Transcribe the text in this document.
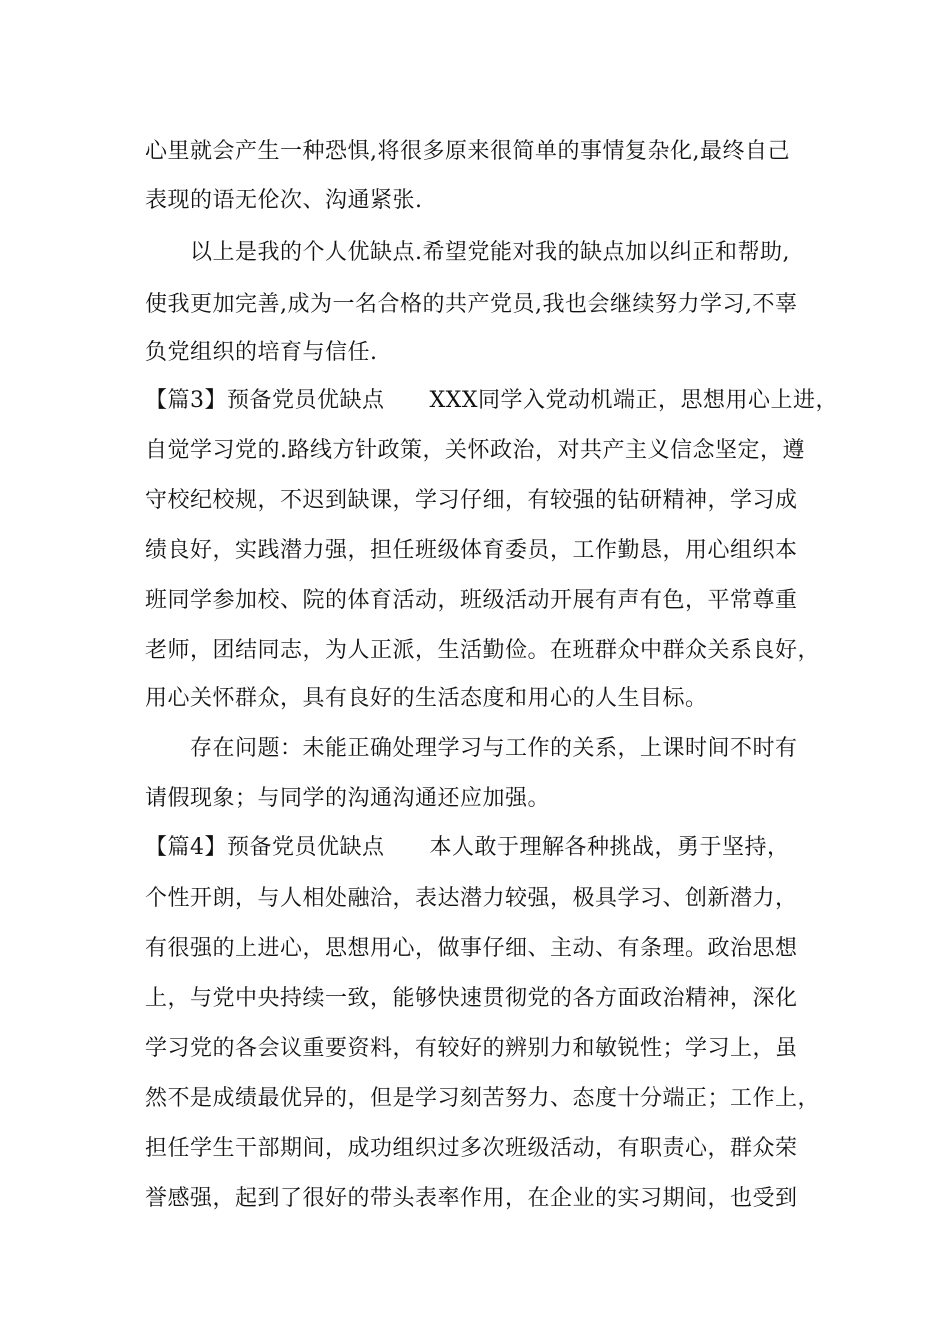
心里就会产生一种恐惧,将很多原来很简单的事情复杂化,最终自己
表现的语无伦次、沟通紧张.
　　以上是我的个人优缺点.希望党能对我的缺点加以纠正和帮助,
使我更加完善,成为一名合格的共产党员,我也会继续努力学习,不辜
负党组织的培育与信任.
【篇3】预备党员优缺点　　XXX同学入党动机端正，思想用心上进，
自觉学习党的.路线方针政策，关怀政治，对共产主义信念坚定，遵
守校纪校规，不迟到缺课，学习仔细，有较强的钻研精神，学习成
绩良好，实践潜力强，担任班级体育委员，工作勤恳，用心组织本
班同学参加校、院的体育活动，班级活动开展有声有色，平常尊重
老师，团结同志，为人正派，生活勤俭。在班群众中群众关系良好，
用心关怀群众，具有良好的生活态度和用心的人生目标。
　　存在问题：未能正确处理学习与工作的关系，上课时间不时有
请假现象；与同学的沟通沟通还应加强。
【篇4】预备党员优缺点　　本人敢于理解各种挑战，勇于坚持，
个性开朗，与人相处融洽，表达潜力较强，极具学习、创新潜力，
有很强的上进心，思想用心，做事仔细、主动、有条理。政治思想
上，与党中央持续一致，能够快速贯彻党的各方面政治精神，深化
学习党的各会议重要资料，有较好的辨别力和敏锐性；学习上，虽
然不是成绩最优异的，但是学习刻苦努力、态度十分端正；工作上，
担任学生干部期间，成功组织过多次班级活动，有职责心，群众荣
誉感强，起到了很好的带头表率作用，在企业的实习期间，也受到
